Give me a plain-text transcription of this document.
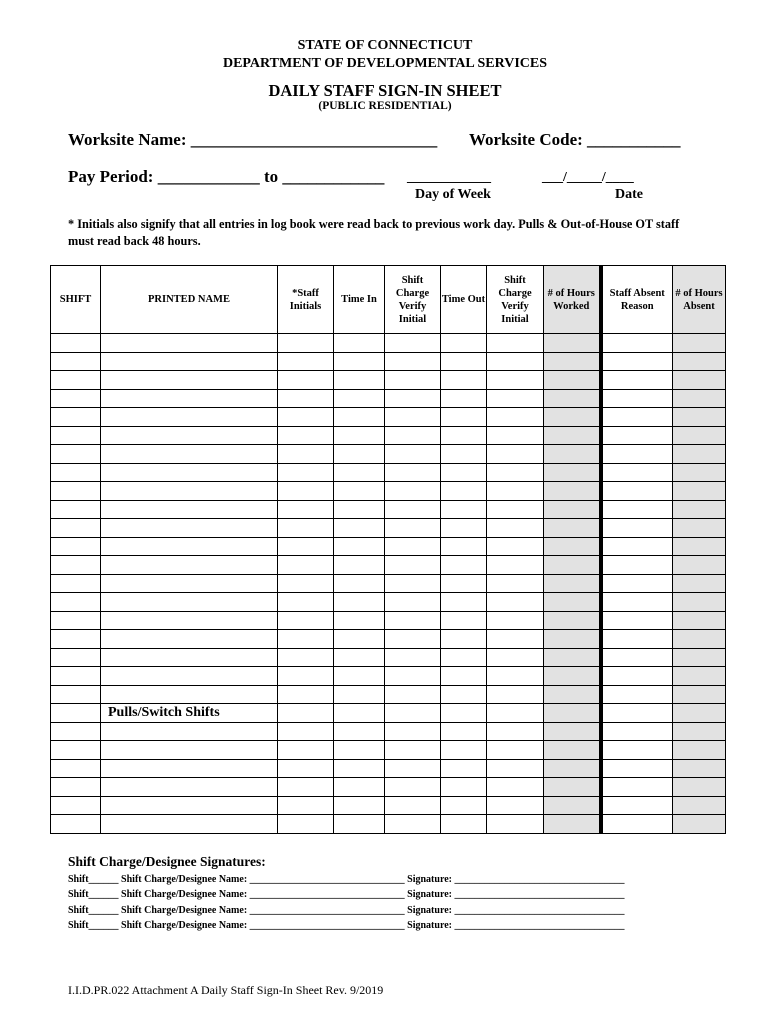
STATE OF CONNECTICUT
DEPARTMENT OF DEVELOPMENTAL SERVICES
DAILY STAFF SIGN-IN SHEET
(PUBLIC RESIDENTIAL)
Worksite Name: _____________________________ Worksite Code: ___________
Pay Period: ____________ to ____________ ____________	___/_____/____
Day of Week	Date
* Initials also signify that all entries in log book were read back to previous work day. Pulls & Out-of-House OT staff must read back 48 hours.
SHIFT	PRINTED NAME	*Staff Initials	Time In	Shift Charge Verify Initial	Time Out	Shift Charge Verify Initial	# of Hours Worked	Staff Absent Reason	# of Hours Absent

	Pulls/Switch Shifts								

Shift Charge/Designee Signatures:
Shift______ Shift Charge/Designee Name: _______________________________ Signature: __________________________________
Shift______ Shift Charge/Designee Name: _______________________________ Signature: __________________________________
Shift______ Shift Charge/Designee Name: _______________________________ Signature: __________________________________
Shift______ Shift Charge/Designee Name: _______________________________ Signature: __________________________________
I.I.D.PR.022 Attachment A Daily Staff Sign-In Sheet Rev. 9/2019
